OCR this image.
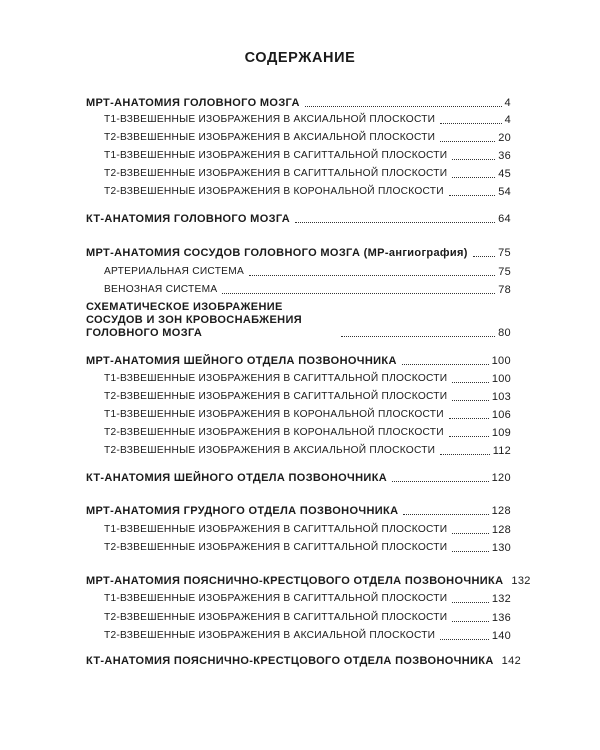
СОДЕРЖАНИЕ
МРТ-АНАТОМИЯ ГОЛОВНОГО МОЗГА	4
Т1-ВЗВЕШЕННЫЕ ИЗОБРАЖЕНИЯ В АКСИАЛЬНОЙ ПЛОСКОСТИ	4
Т2-ВЗВЕШЕННЫЕ ИЗОБРАЖЕНИЯ В АКСИАЛЬНОЙ ПЛОСКОСТИ	20
Т1-ВЗВЕШЕННЫЕ ИЗОБРАЖЕНИЯ В САГИТТАЛЬНОЙ ПЛОСКОСТИ	36
Т2-ВЗВЕШЕННЫЕ ИЗОБРАЖЕНИЯ В САГИТТАЛЬНОЙ ПЛОСКОСТИ	45
Т2-ВЗВЕШЕННЫЕ ИЗОБРАЖЕНИЯ В КОРОНАЛЬНОЙ ПЛОСКОСТИ	54
КТ-АНАТОМИЯ ГОЛОВНОГО МОЗГА	64
МРТ-АНАТОМИЯ СОСУДОВ ГОЛОВНОГО МОЗГА (МР-ангиография)	75
АРТЕРИАЛЬНАЯ СИСТЕМА	75
ВЕНОЗНАЯ СИСТЕМА	78
СХЕМАТИЧЕСКОЕ ИЗОБРАЖЕНИЕ СОСУДОВ И ЗОН КРОВОСНАБЖЕНИЯ ГОЛОВНОГО МОЗГА	80
МРТ-АНАТОМИЯ ШЕЙНОГО ОТДЕЛА ПОЗВОНОЧНИКА	100
Т1-ВЗВЕШЕННЫЕ ИЗОБРАЖЕНИЯ В САГИТТАЛЬНОЙ ПЛОСКОСТИ	100
Т2-ВЗВЕШЕННЫЕ ИЗОБРАЖЕНИЯ В САГИТТАЛЬНОЙ ПЛОСКОСТИ	103
Т1-ВЗВЕШЕННЫЕ ИЗОБРАЖЕНИЯ В КОРОНАЛЬНОЙ ПЛОСКОСТИ	106
Т2-ВЗВЕШЕННЫЕ ИЗОБРАЖЕНИЯ В КОРОНАЛЬНОЙ ПЛОСКОСТИ	109
Т2-ВЗВЕШЕННЫЕ ИЗОБРАЖЕНИЯ В АКСИАЛЬНОЙ ПЛОСКОСТИ	112
КТ-АНАТОМИЯ ШЕЙНОГО ОТДЕЛА ПОЗВОНОЧНИКА	120
МРТ-АНАТОМИЯ ГРУДНОГО ОТДЕЛА ПОЗВОНОЧНИКА	128
Т1-ВЗВЕШЕННЫЕ ИЗОБРАЖЕНИЯ В САГИТТАЛЬНОЙ ПЛОСКОСТИ	128
Т2-ВЗВЕШЕННЫЕ ИЗОБРАЖЕНИЯ В САГИТТАЛЬНОЙ ПЛОСКОСТИ	130
МРТ-АНАТОМИЯ ПОЯСНИЧНО-КРЕСТЦОВОГО ОТДЕЛА ПОЗВОНОЧНИКА 132
Т1-ВЗВЕШЕННЫЕ ИЗОБРАЖЕНИЯ В САГИТТАЛЬНОЙ ПЛОСКОСТИ	132
Т2-ВЗВЕШЕННЫЕ ИЗОБРАЖЕНИЯ В САГИТТАЛЬНОЙ ПЛОСКОСТИ	136
Т2-ВЗВЕШЕННЫЕ ИЗОБРАЖЕНИЯ В АКСИАЛЬНОЙ ПЛОСКОСТИ	140
КТ-АНАТОМИЯ ПОЯСНИЧНО-КРЕСТЦОВОГО ОТДЕЛА ПОЗВОНОЧНИКА 142
